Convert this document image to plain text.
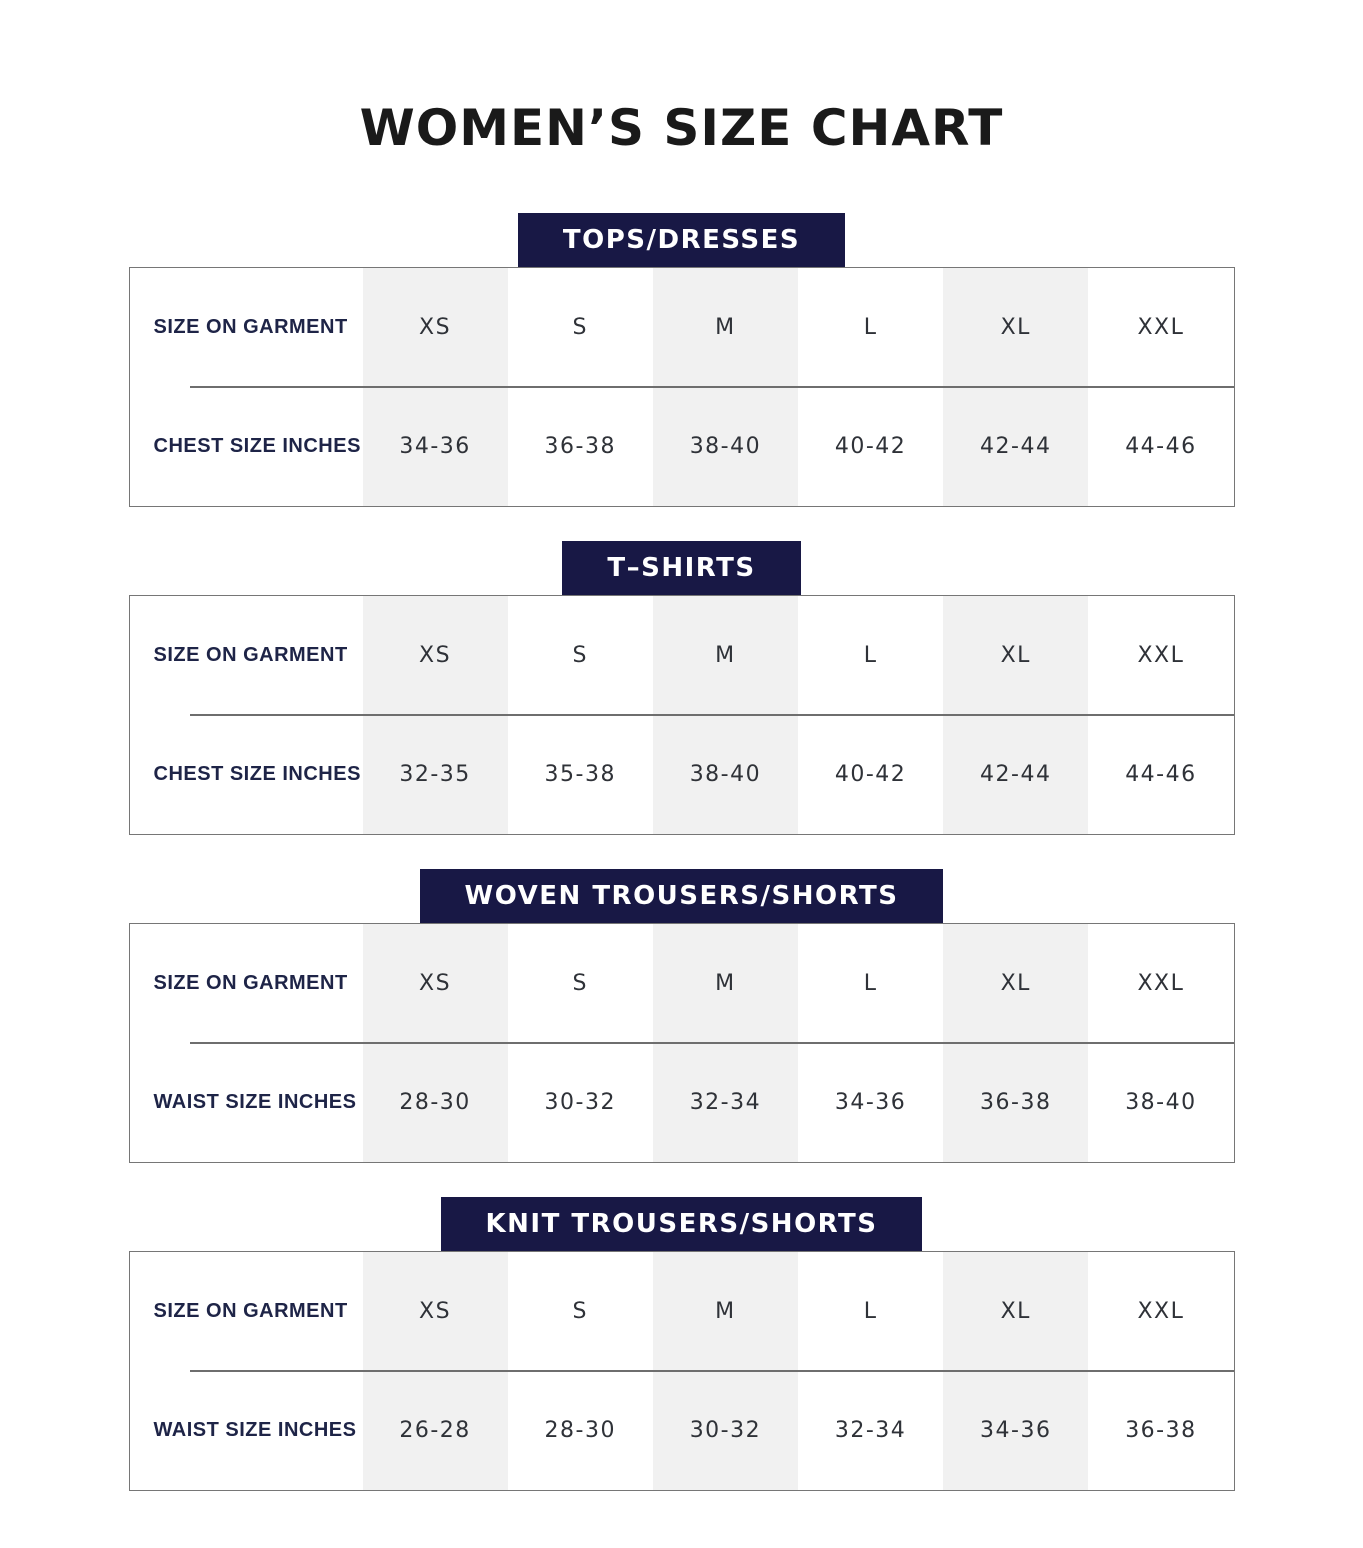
WOMEN’S SIZE CHART
TOPS/DRESSES
SIZE ON GARMENT	XS	S	M	L	XL	XXL
CHEST SIZE INCHES	34-36	36-38	38-40	40-42	42-44	44-46
T–SHIRTS
SIZE ON GARMENT	XS	S	M	L	XL	XXL
CHEST SIZE INCHES	32-35	35-38	38-40	40-42	42-44	44-46
WOVEN TROUSERS/SHORTS
SIZE ON GARMENT	XS	S	M	L	XL	XXL
WAIST SIZE INCHES	28-30	30-32	32-34	34-36	36-38	38-40
KNIT TROUSERS/SHORTS
SIZE ON GARMENT	XS	S	M	L	XL	XXL
WAIST SIZE INCHES	26-28	28-30	30-32	32-34	34-36	36-38
